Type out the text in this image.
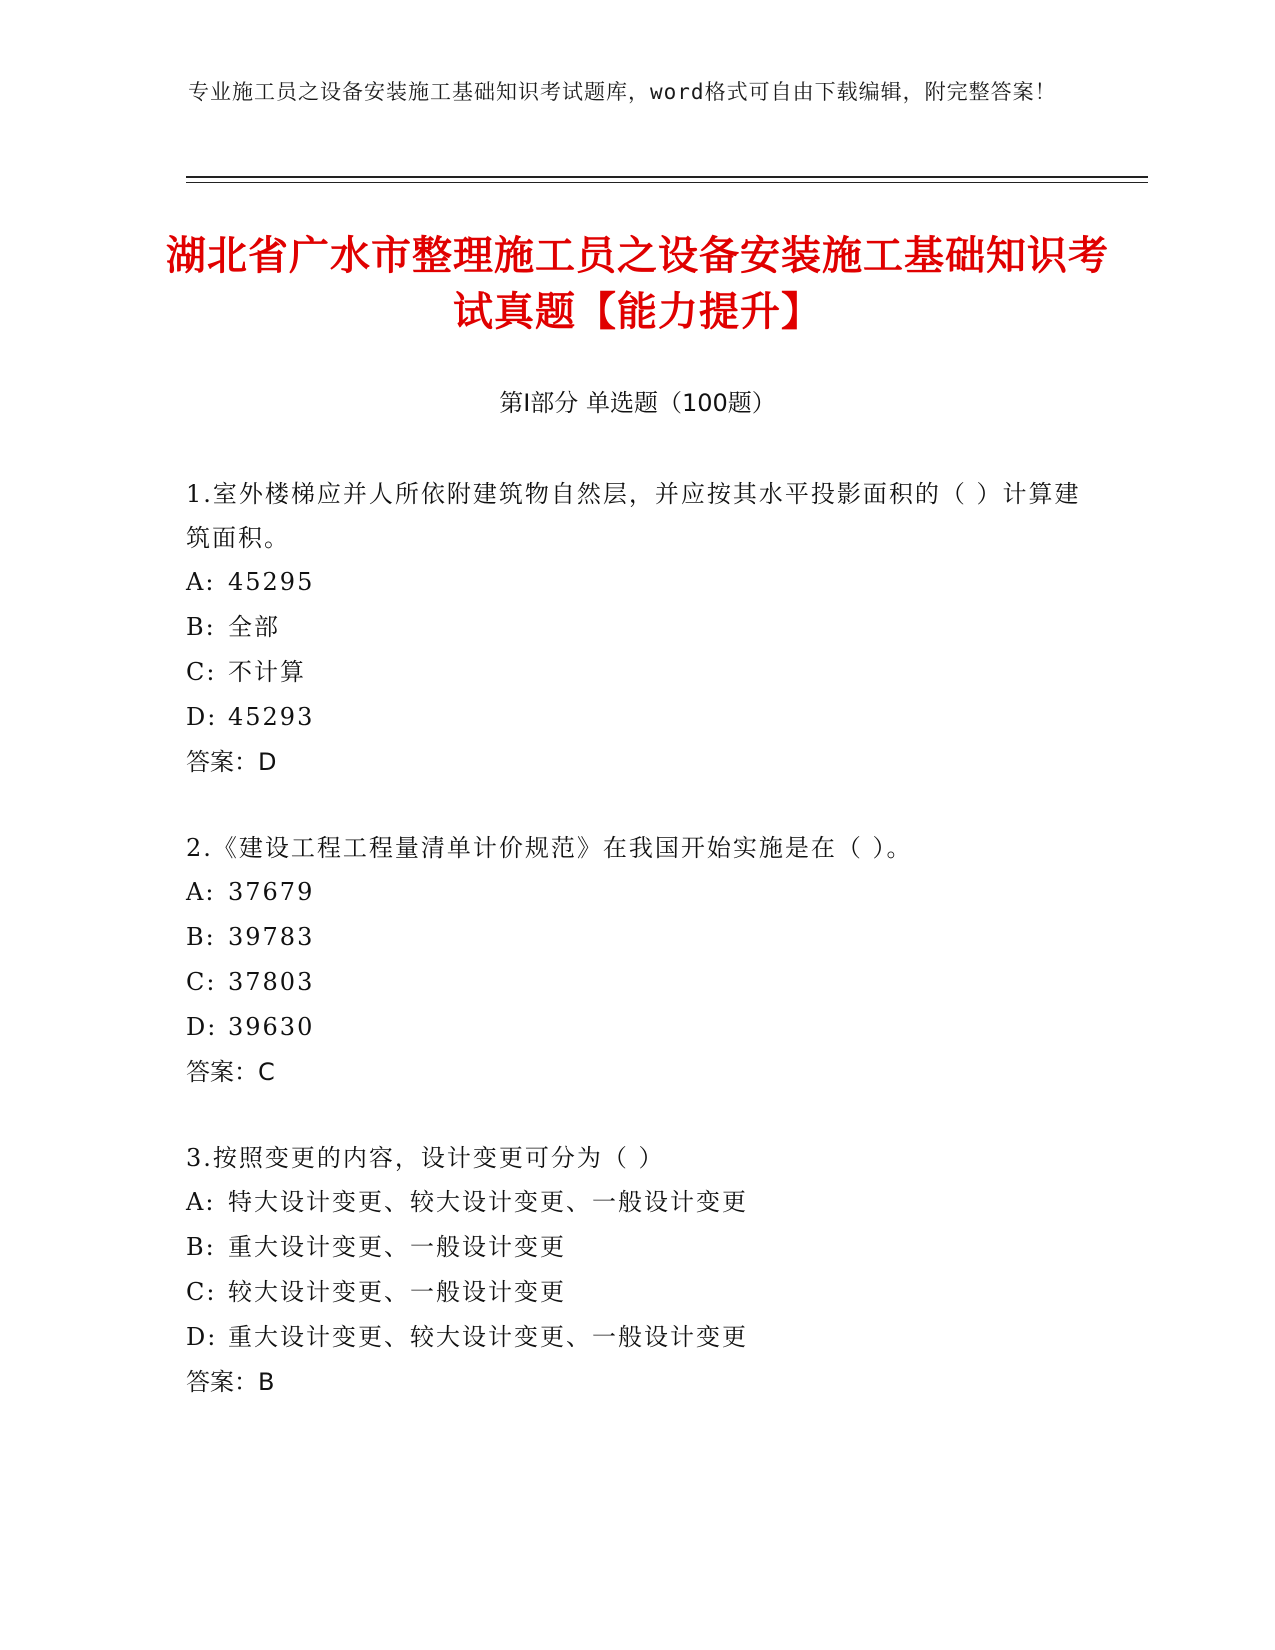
专业施工员之设备安装施工基础知识考试题库，word格式可自由下载编辑，附完整答案！
湖北省广水市整理施工员之设备安装施工基础知识考试真题【能力提升】
第I部分 单选题（100题）
1.室外楼梯应并人所依附建筑物自然层，并应按其水平投影面积的（ ）计算建筑面积。
A: 45295
B: 全部
C: 不计算
D: 45293
答案：D
2.《建设工程工程量清单计价规范》在我国开始实施是在（ ）。
A: 37679
B: 39783
C: 37803
D: 39630
答案：C
3.按照变更的内容，设计变更可分为（ ）
A: 特大设计变更、较大设计变更、一般设计变更
B: 重大设计变更、一般设计变更
C: 较大设计变更、一般设计变更
D: 重大设计变更、较大设计变更、一般设计变更
答案：B
